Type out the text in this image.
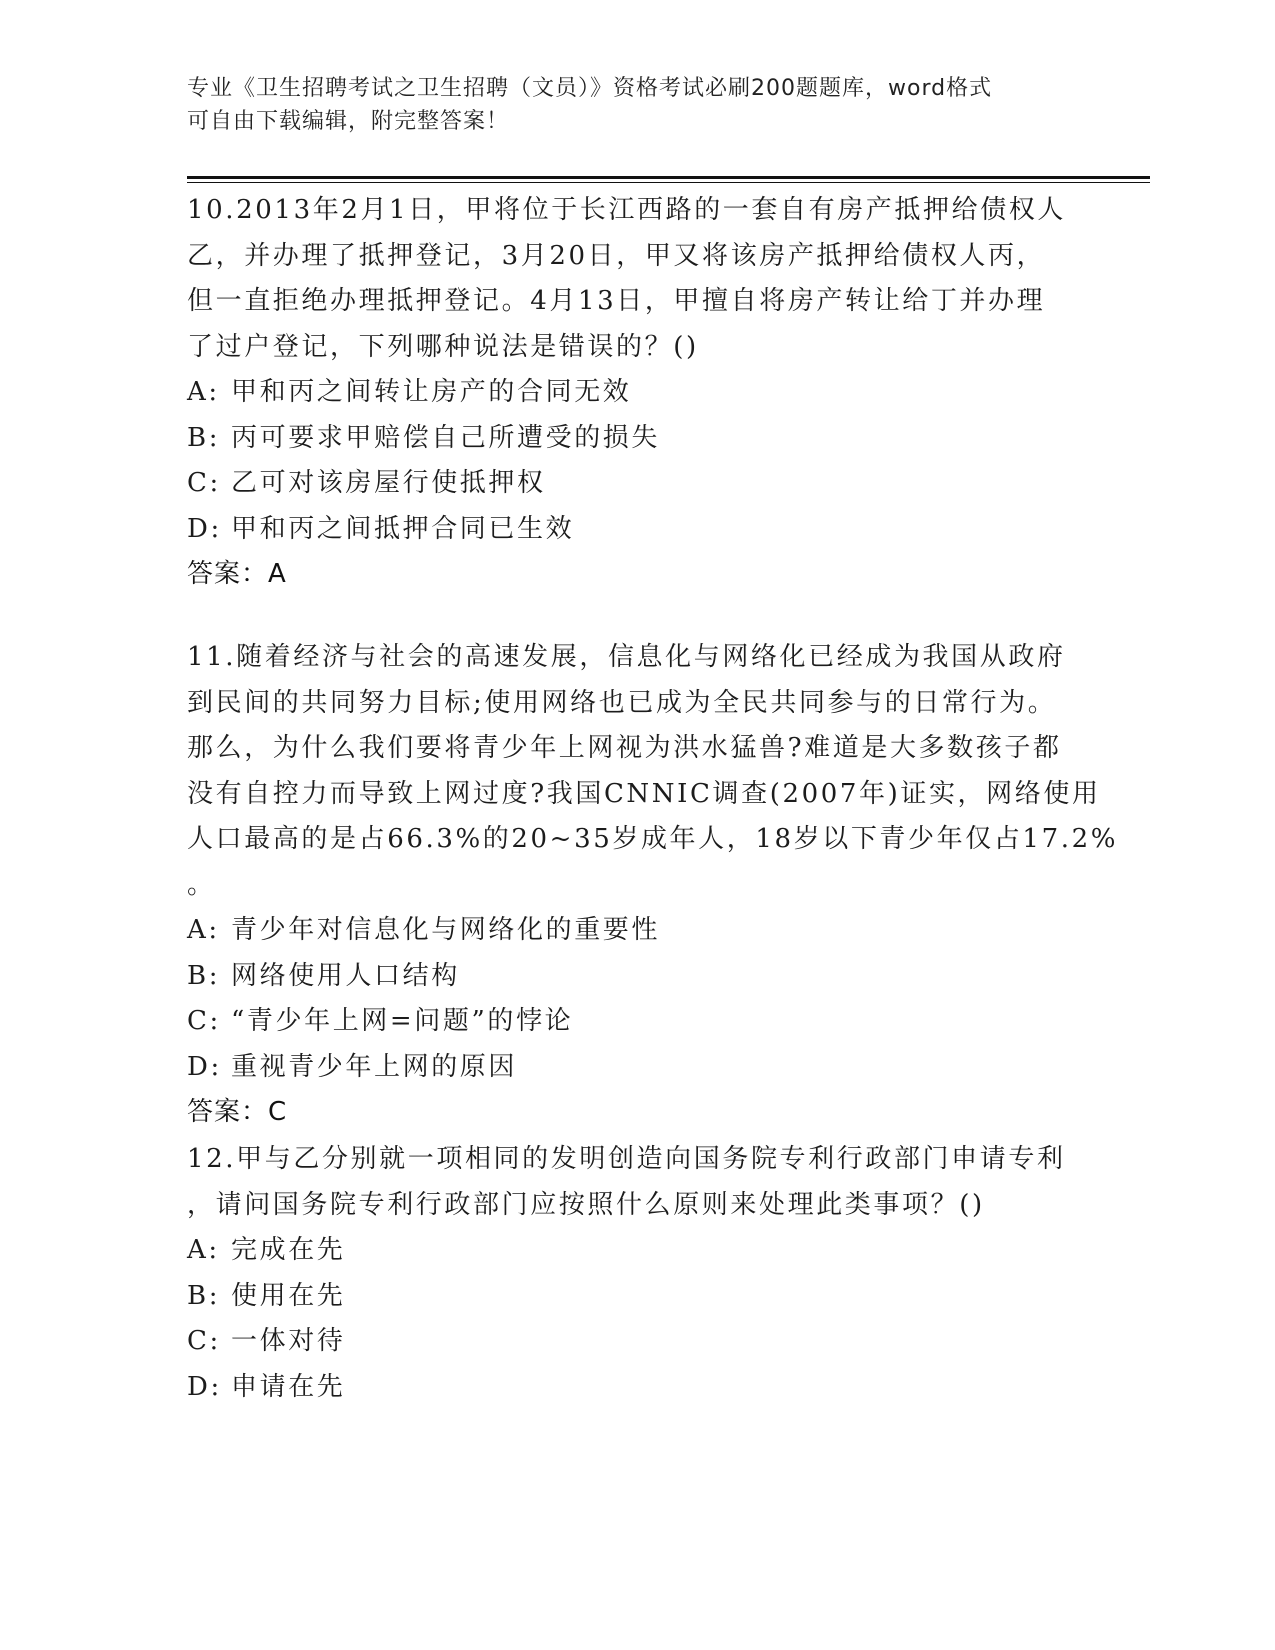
专业《卫生招聘考试之卫生招聘（文员）》资格考试必刷200题题库，word格式
可自由下载编辑，附完整答案！
10.2013年2月1日，甲将位于长江西路的一套自有房产抵押给债权人
乙，并办理了抵押登记，3月20日，甲又将该房产抵押给债权人丙，
但一直拒绝办理抵押登记。4月13日，甲擅自将房产转让给丁并办理
了过户登记，下列哪种说法是错误的？()
A: 甲和丙之间转让房产的合同无效
B: 丙可要求甲赔偿自己所遭受的损失
C: 乙可对该房屋行使抵押权
D: 甲和丙之间抵押合同已生效
答案：A
11.随着经济与社会的高速发展，信息化与网络化已经成为我国从政府
到民间的共同努力目标;使用网络也已成为全民共同参与的日常行为。
那么，为什么我们要将青少年上网视为洪水猛兽?难道是大多数孩子都
没有自控力而导致上网过度?我国CNNIC调查(2007年)证实，网络使用
人口最高的是占66.3%的20~35岁成年人，18岁以下青少年仅占17.2%
。
A: 青少年对信息化与网络化的重要性
B: 网络使用人口结构
C: “青少年上网=问题”的悖论
D: 重视青少年上网的原因
答案：C
12.甲与乙分别就一项相同的发明创造向国务院专利行政部门申请专利
，请问国务院专利行政部门应按照什么原则来处理此类事项？()
A: 完成在先
B: 使用在先
C: 一体对待
D: 申请在先
